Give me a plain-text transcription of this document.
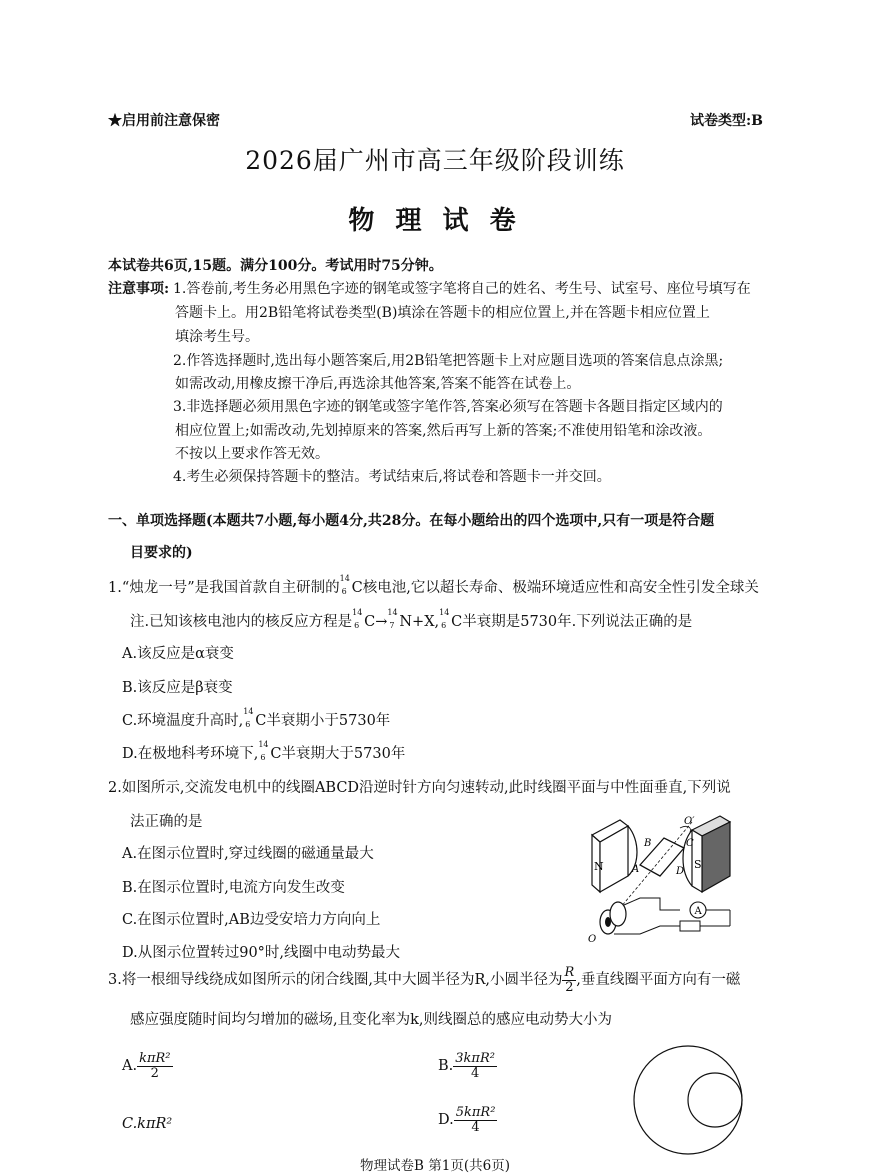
★启用前注意保密	试卷类型:B
2026届广州市高三年级阶段训练
物 理 试 卷
本试卷共6页,15题。满分100分。考试用时75分钟。
注意事项: 1.答卷前,考生务必用黑色字迹的钢笔或签字笔将自己的姓名、考生号、试室号、座位号填写在
答题卡上。用2B铅笔将试卷类型(B)填涂在答题卡的相应位置上,并在答题卡相应位置上
填涂考生号。
2.作答选择题时,选出每小题答案后,用2B铅笔把答题卡上对应题目选项的答案信息点涂黑;
如需改动,用橡皮擦干净后,再选涂其他答案,答案不能答在试卷上。
3.非选择题必须用黑色字迹的钢笔或签字笔作答,答案必须写在答题卡各题目指定区域内的
相应位置上;如需改动,先划掉原来的答案,然后再写上新的答案;不准使用铅笔和涂改液。
不按以上要求作答无效。
4.考生必须保持答题卡的整洁。考试结束后,将试卷和答题卡一并交回。
一、单项选择题(本题共7小题,每小题4分,共28分。在每小题给出的四个选项中,只有一项是符合题
目要求的)
1.“烛龙一号”是我国首款自主研制的
14
6 C核电池,它以超长寿命、极端环境适应性和高安全性引发全球关
注.已知该核电池内的核反应方程是
14
6 C→
14
7 N+X,
14
6 C半衰期是5730年.下列说法正确的是
A.该反应是α衰变
B.该反应是β衰变
C.环境温度升高时,
14
6 C半衰期小于5730年
D.在极地科考环境下,
14
6 C半衰期大于5730年
2.如图所示,交流发电机中的线圈ABCD沿逆时针方向匀速转动,此时线圈平面与中性面垂直,下列说
法正确的是
A.在图示位置时,穿过线圈的磁通量最大
B.在图示位置时,电流方向发生改变
C.在图示位置时,AB边受安培力方向向上
D.从图示位置转过90°时,线圈中电动势最大
N	S
O′
O
A
B	C
D
A
3.将一根细导线绕成如图所示的闭合线圈,其中大圆半径为R,小圆半径为 $\frac{R}{2}$ ,垂直线圈平面方向有一磁
感应强度随时间均匀增加的磁场,且变化率为k,则线圈总的感应电动势大小为
A. $\frac{\text{kπR²}}{2}$	B. $\frac{\text{3kπR²}}{4}$
C.kπR²	D. $\frac{\text{5kπR²}}{4}$
物理试卷B 第1页(共6页)
